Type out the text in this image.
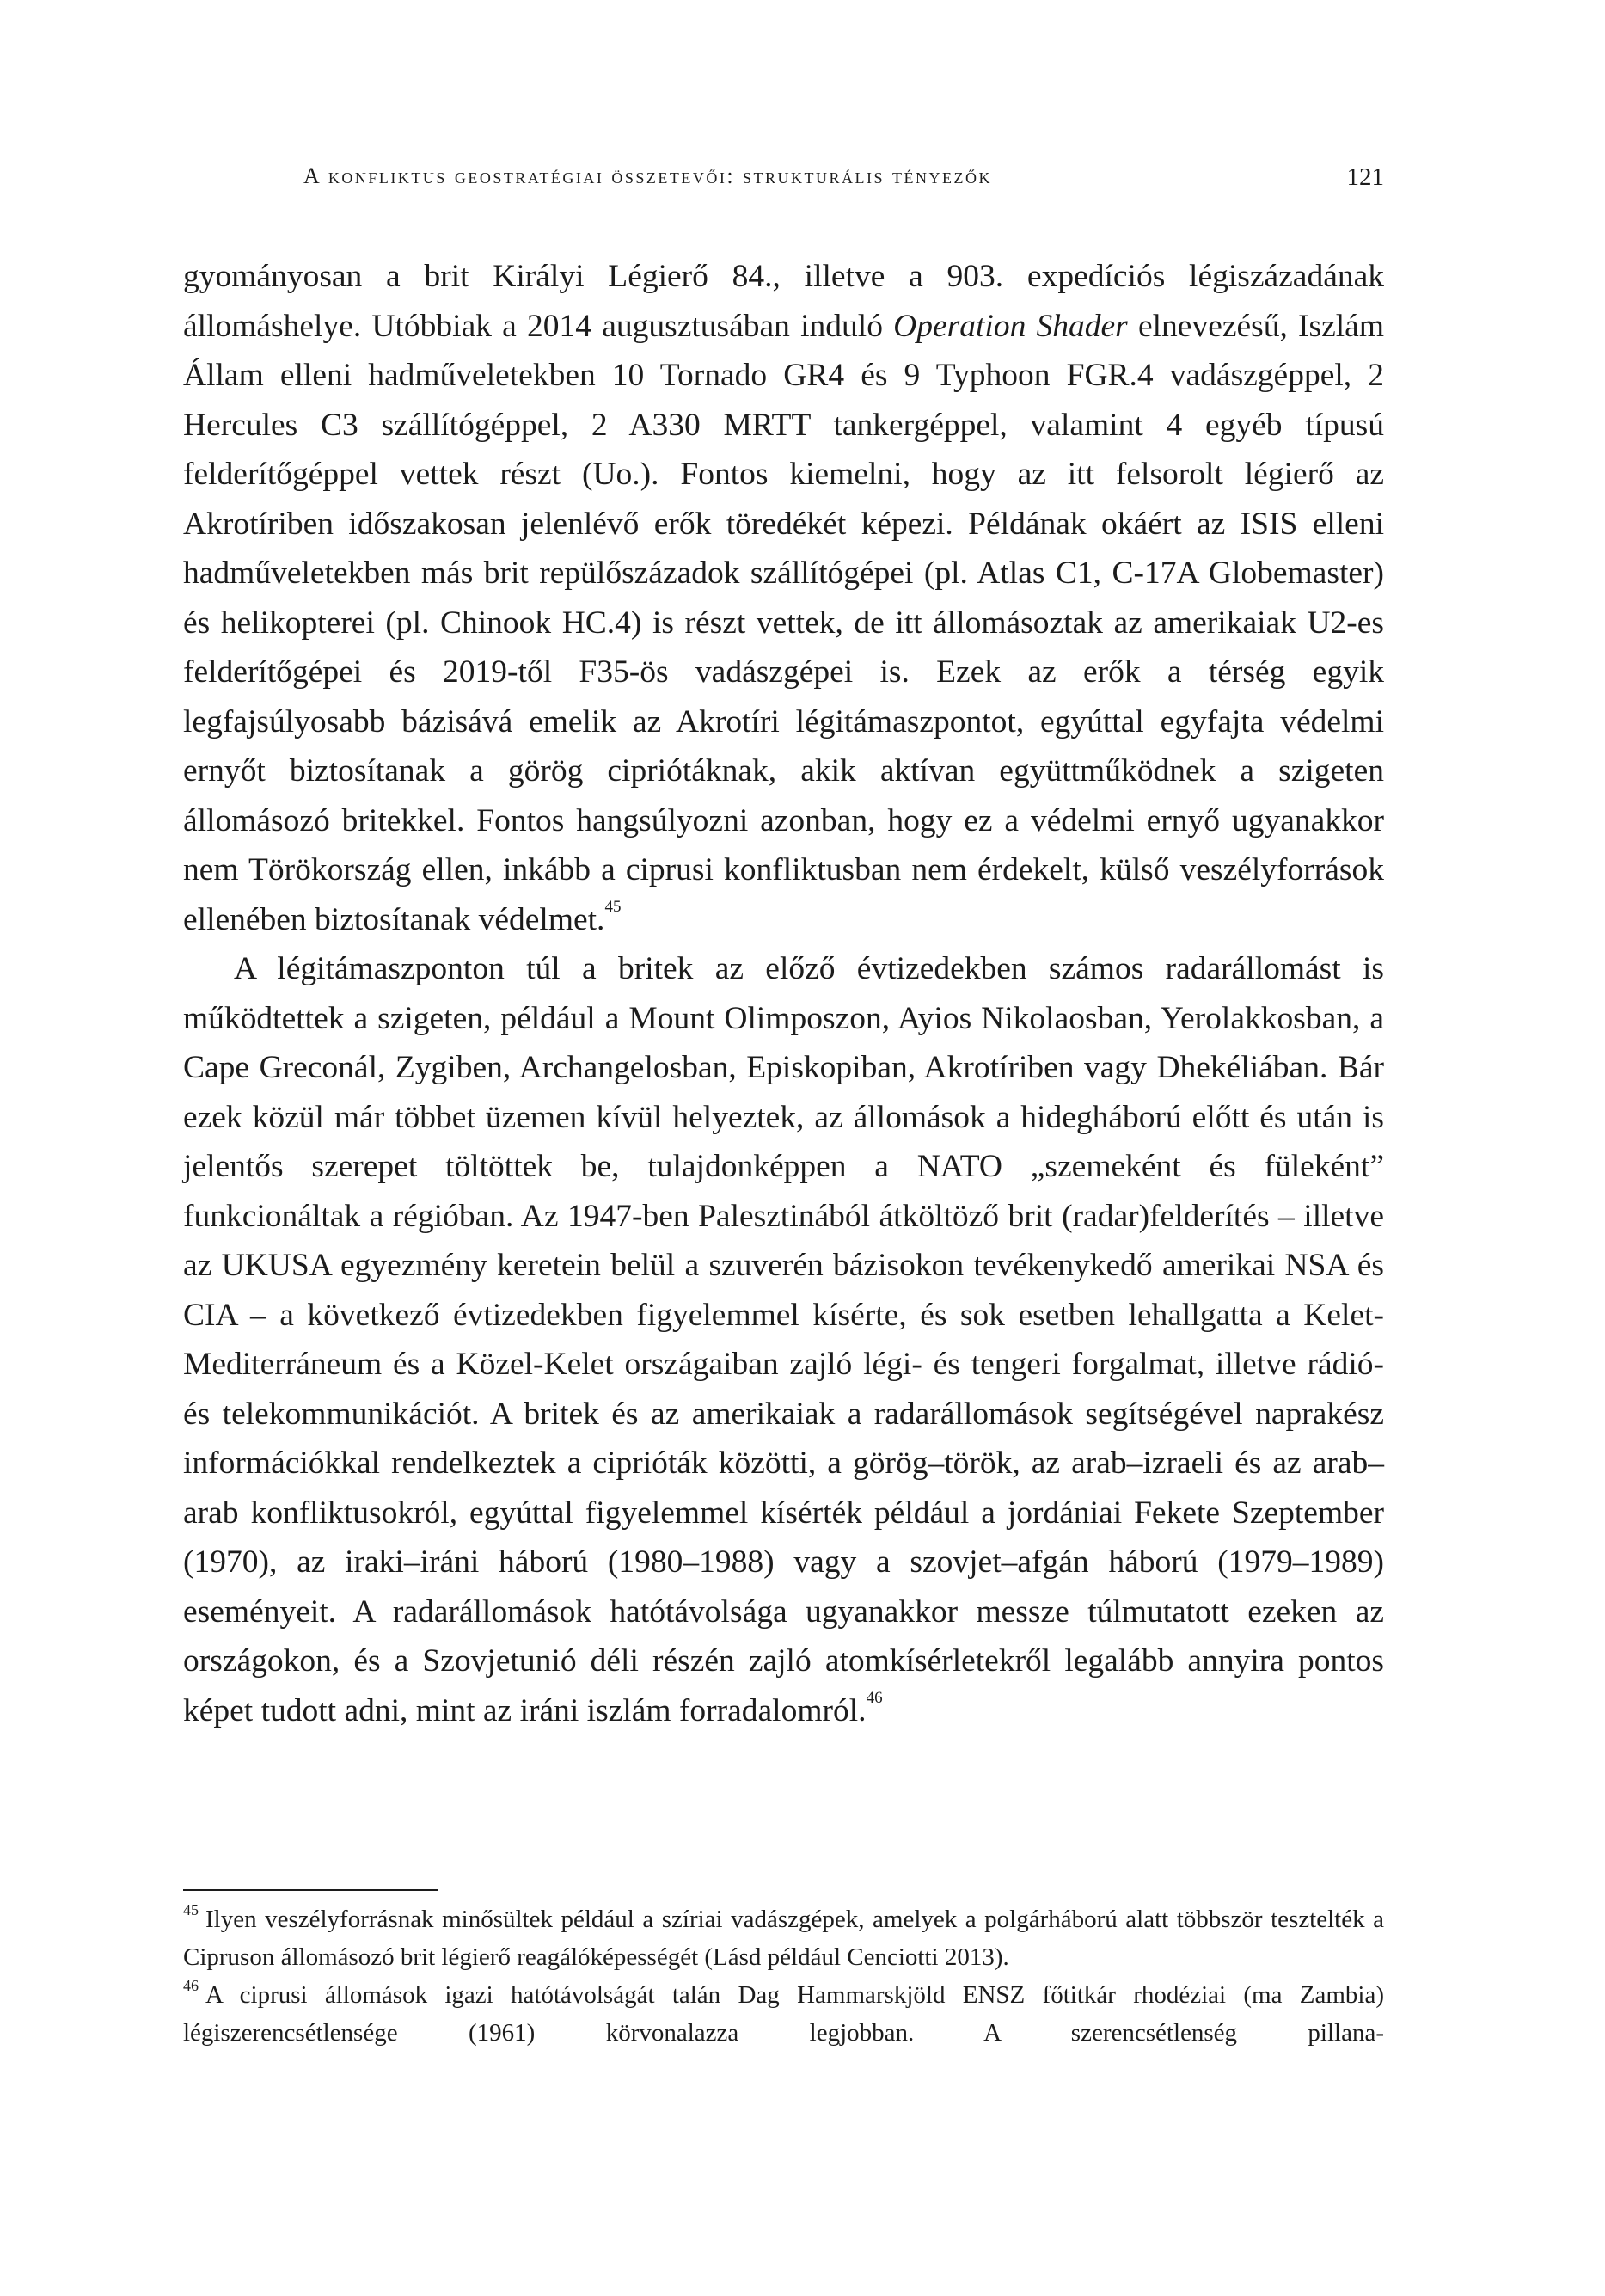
A konfliktus geostratégiai összetevői: strukturális tényezők	121

gyományosan a brit Királyi Légierő 84., illetve a 903. expedíciós légiszázadának állomáshelye. Utóbbiak a 2014 augusztusában induló Operation Shader elnevezésű, Iszlám Állam elleni hadműveletekben 10 Tornado GR4 és 9 Typhoon FGR.4 vadászgéppel, 2 Hercules C3 szállítógéppel, 2 A330 MRTT tankergéppel, valamint 4 egyéb típusú felderítőgéppel vettek részt (Uo.). Fontos kiemelni, hogy az itt felsorolt légierő az Akrotíriben időszakosan jelenlévő erők töredékét képezi. Példának okáért az ISIS elleni hadműveletekben más brit repülőszázadok szállítógépei (pl. Atlas C1, C-17A Globemaster) és helikopterei (pl. Chinook HC.4) is részt vettek, de itt állomásoztak az amerikaiak U2-es felderítőgépei és 2019-től F35-ös vadászgépei is. Ezek az erők a térség egyik legfajsúlyosabb bázisává emelik az Akrotíri légitámaszpontot, egyúttal egyfajta védelmi ernyőt biztosítanak a görög cipriótáknak, akik aktívan együttműködnek a szigeten állomásozó britekkel. Fontos hangsúlyozni azonban, hogy ez a védelmi ernyő ugyanakkor nem Törökország ellen, inkább a ciprusi konfliktusban nem érdekelt, külső veszélyforrások ellenében biztosítanak védelmet.$^{45}$

A légitámaszponton túl a britek az előző évtizedekben számos radarállomást is működtettek a szigeten, például a Mount Olimposzon, Ayios Nikolaosban, Yerolakkosban, a Cape Greconál, Zygiben, Archangelosban, Episkopiban, Akrotíriben vagy Dhekéliában. Bár ezek közül már többet üzemen kívül helyeztek, az állomások a hidegháború előtt és után is jelentős szerepet töltöttek be, tulajdonképpen a NATO „szemeként és füleként” funkcionáltak a régióban. Az 1947-ben Palesztinából átköltöző brit (radar)felderítés – illetve az UKUSA egyezmény keretein belül a szuverén bázisokon tevékenykedő amerikai NSA és CIA – a következő évtizedekben figyelemmel kísérte, és sok esetben lehallgatta a Kelet-Mediterráneum és a Közel-Kelet országaiban zajló légi- és tengeri forgalmat, illetve rádió- és telekommunikációt. A britek és az amerikaiak a radarállomások segítségével naprakész információkkal rendelkeztek a ciprióták közötti, a görög–török, az arab–izraeli és az arab–arab konfliktusokról, egyúttal figyelemmel kísérték például a jordániai Fekete Szeptember (1970), az iraki–iráni háború (1980–1988) vagy a szovjet–afgán háború (1979–1989) eseményeit. A radarállomások hatótávolsága ugyanakkor messze túlmutatott ezeken az országokon, és a Szovjetunió déli részén zajló atomkísérletekről legalább annyira pontos képet tudott adni, mint az iráni iszlám forradalomról.$^{46}$

$^{45}$ Ilyen veszélyforrásnak minősültek például a szíriai vadászgépek, amelyek a polgárháború alatt többször tesztelték a Cipruson állomásozó brit légierő reagálóképességét (Lásd például Cenciotti 2013).

$^{46}$ A ciprusi állomások igazi hatótávolságát talán Dag Hammarskjöld ENSZ főtitkár rhodéziai (ma Zambia) légiszerencsétlensége (1961) körvonalazza legjobban. A szerencsétlenség pillana-
